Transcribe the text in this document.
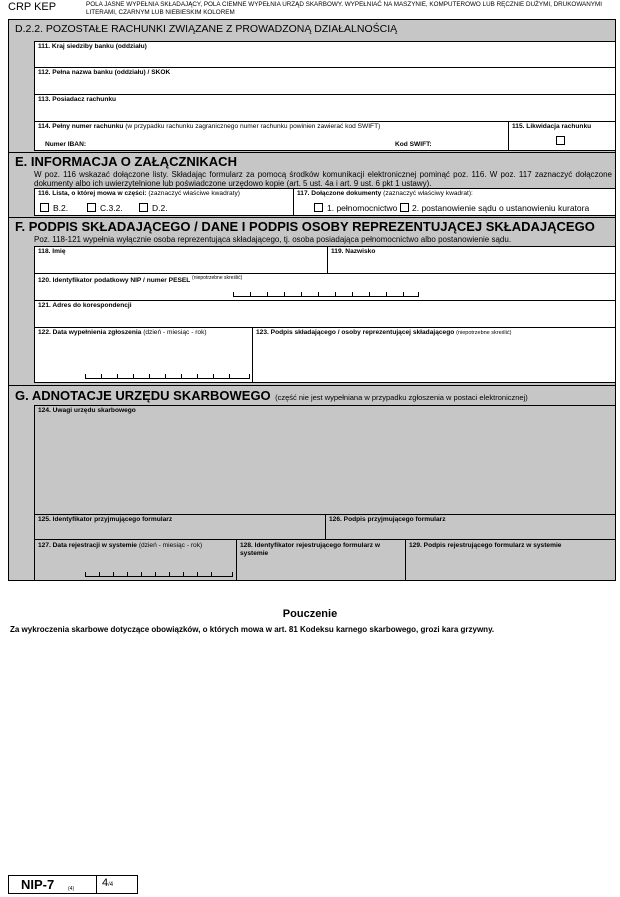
CRP KEP	POLA JASNE WYPEŁNIA SKŁADAJĄCY, POLA CIEMNE WYPEŁNIA URZĄD SKARBOWY. WYPEŁNIAĆ NA MASZYNIE, KOMPUTEROWO LUB RĘCZNIE DUŻYMI, DRUKOWANYMI LITERAMI, CZARNYM LUB NIEBIESKIM KOLOREM
D.2.2. POZOSTAŁE RACHUNKI ZWIĄZANE Z PROWADZONĄ DZIAŁALNOŚCIĄ
111. Kraj siedziby banku (oddziału)
112. Pełna nazwa banku (oddziału) / SKOK
113. Posiadacz rachunku
114. Pełny numer rachunku (w przypadku rachunku zagranicznego numer rachunku powinien zawierać kod SWIFT)
Numer IBAN:	Kod SWIFT:
115. Likwidacja rachunku
E. INFORMACJA O ZAŁĄCZNIKACH
W poz. 116 wskazać dołączone listy. Składając formularz za pomocą środków komunikacji elektronicznej pominąć poz. 116. W poz. 117 zaznaczyć dołączone dokumenty albo ich uwierzytelnione lub poświadczone urzędowo kopie (art. 5 ust. 4a i art. 9 ust. 6 pkt 1 ustawy).
116. Lista, o której mowa w części: (zaznaczyć właściwe kwadraty)
B.2.	C.3.2.	D.2.
117. Dołączone dokumenty (zaznaczyć właściwy kwadrat):
1. pełnomocnictwo 2. postanowienie sądu o ustanowieniu kuratora
F. PODPIS SKŁADAJĄCEGO / DANE I PODPIS OSOBY REPREZENTUJĄCEJ SKŁADAJĄCEGO
Poz. 118-121 wypełnia wyłącznie osoba reprezentująca składającego, tj. osoba posiadająca pełnomocnictwo albo postanowienie sądu.
118. Imię	119. Nazwisko
120. Identyfikator podatkowy NIP / numer PESEL $^{(niepotrzebne skreślić)}$
121. Adres do korespondencji
122. Data wypełnienia zgłoszenia (dzień - miesiąc - rok)	123. Podpis składającego / osoby reprezentującej składającego (niepotrzebne skreślić)
G. ADNOTACJE URZĘDU SKARBOWEGO (część nie jest wypełniana w przypadku zgłoszenia w postaci elektronicznej)
124. Uwagi urzędu skarbowego
125. Identyfikator przyjmującego formularz	126. Podpis przyjmującego formularz
127. Data rejestracji w systemie (dzień - miesiąc - rok)	128. Identyfikator rejestrującego formularz w systemie
129. Podpis rejestrującego formularz w systemie
Pouczenie
Za wykroczenia skarbowe dotyczące obowiązków, o których mowa w art. 81 Kodeksu karnego skarbowego, grozi kara grzywny.
NIP-7	(4)	4/4
